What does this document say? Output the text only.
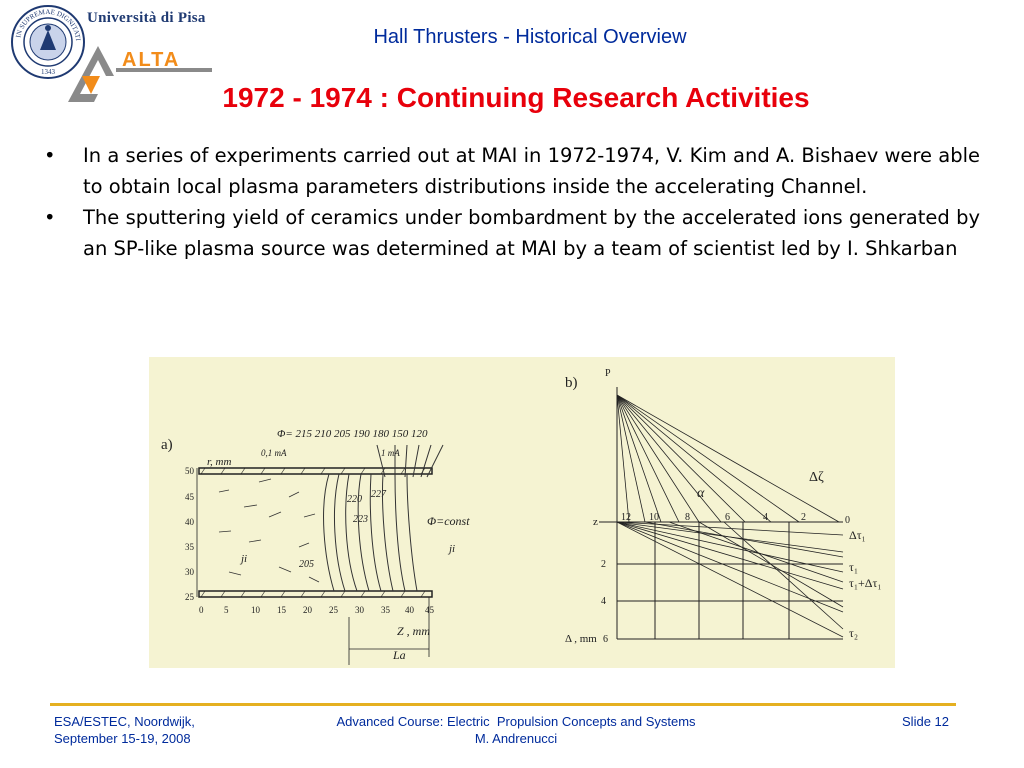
IN SUPREMAE DIGNITATI
1343
Università di Pisa
ALTA
Hall Thrusters - Historical Overview
1972 - 1974 : Continuing Research Activities
• In a series of experiments carried out at MAI in 1972-1974, V. Kim and A. Bishaev were able to obtain local plasma parameters distributions inside the accelerating Channel.
• The sputtering yield of ceramics under bombardment by the accelerated ions generated by an SP-like plasma source was determined at MAI by a team of scientist led by I. Shkarban
a)
r, mm
Φ= 215 210 205 190 180 150 120
0,1 mA	1 mA
Φ=const
ji
ji
223
220
205
227
50
45
40
35
30
25
0 5	10 15 20 25 30 35 40 45
Z , mm
La
b)
P
z 12 10	8	6	4	2	0
2
4
6
Δ , mm
Δζ
α
Δτ₁
τ₁
τ₁+Δτ₁
τ₂
ESA/ESTEC, Noordwijk,
September 15-19, 2008
Advanced Course: Electric  Propulsion Concepts and Systems
M. Andrenucci
Slide 12
